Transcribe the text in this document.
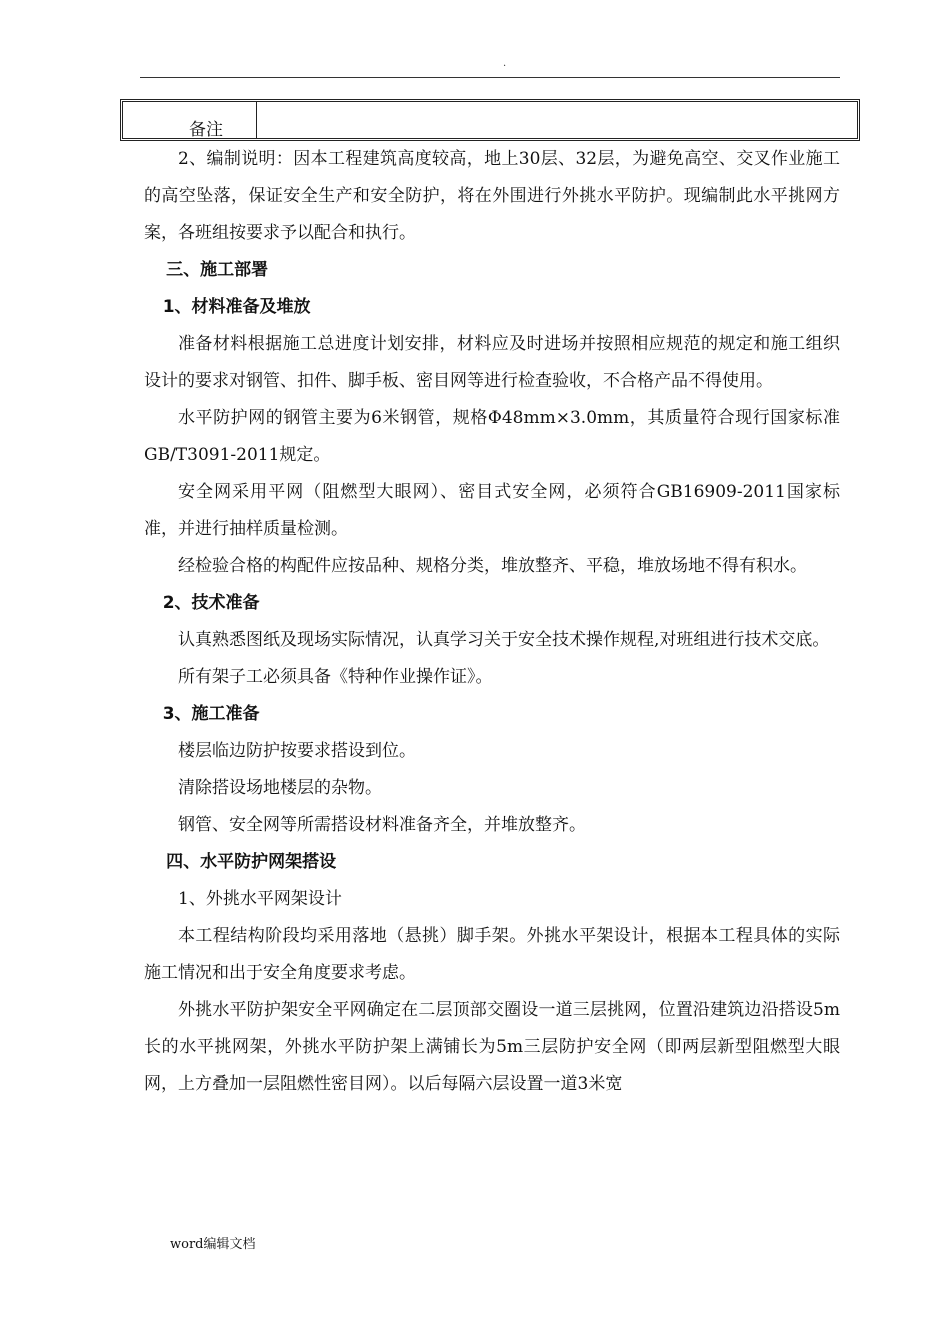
.
备注

2、编制说明：因本工程建筑高度较高，地上30层、32层，为避免高空、交叉作业施工的高空坠落，保证安全生产和安全防护，将在外围进行外挑水平防护。现编制此水平挑网方案，各班组按要求予以配合和执行。

三、施工部署

1、材料准备及堆放

准备材料根据施工总进度计划安排，材料应及时进场并按照相应规范的规定和施工组织设计的要求对钢管、扣件、脚手板、密目网等进行检查验收，不合格产品不得使用。

水平防护网的钢管主要为6米钢管，规格Φ48mm×3.0mm，其质量符合现行国家标准GB/T3091-2011规定。

安全网采用平网（阻燃型大眼网）、密目式安全网，必须符合GB16909-2011国家标准，并进行抽样质量检测。

经检验合格的构配件应按品种、规格分类，堆放整齐、平稳，堆放场地不得有积水。

2、技术准备

认真熟悉图纸及现场实际情况，认真学习关于安全技术操作规程,对班组进行技术交底。

所有架子工必须具备《特种作业操作证》。

3、施工准备

楼层临边防护按要求搭设到位。

清除搭设场地楼层的杂物。

钢管、安全网等所需搭设材料准备齐全，并堆放整齐。

四、水平防护网架搭设

1、外挑水平网架设计

本工程结构阶段均采用落地（悬挑）脚手架。外挑水平架设计，根据本工程具体的实际施工情况和出于安全角度要求考虑。

外挑水平防护架安全平网确定在二层顶部交圈设一道三层挑网，位置沿建筑边沿搭设5m长的水平挑网架，外挑水平防护架上满铺长为5m三层防护安全网（即两层新型阻燃型大眼网，上方叠加一层阻燃性密目网）。以后每隔六层设置一道3米宽

word编辑文档
